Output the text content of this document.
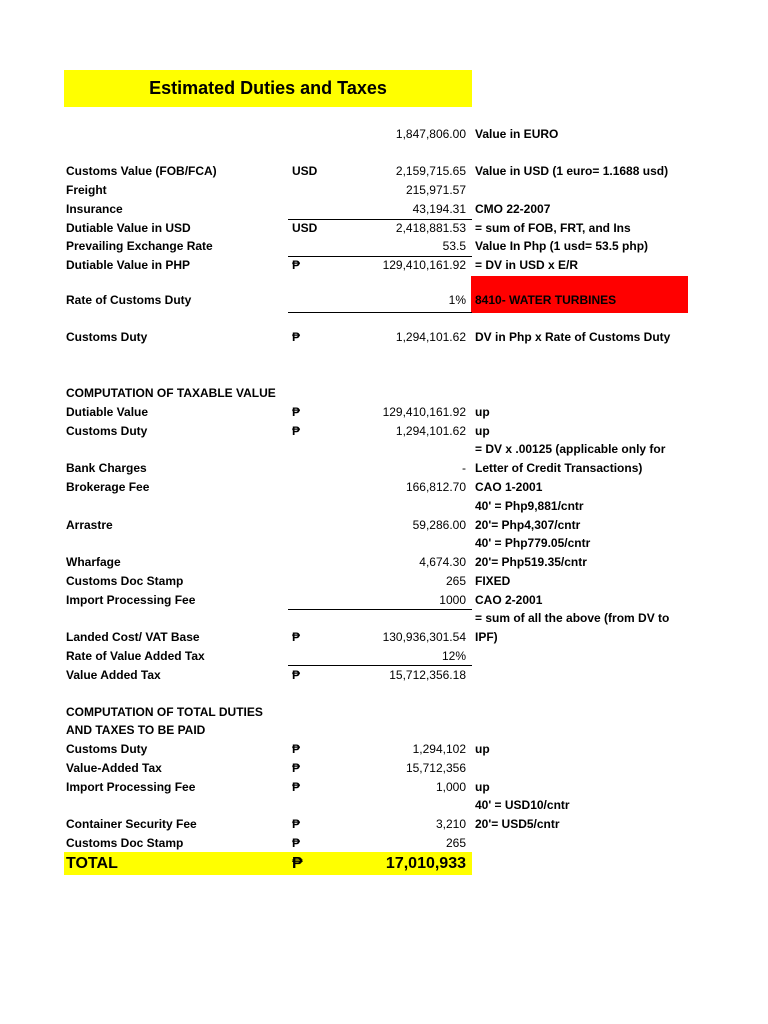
Estimated Duties and Taxes
1,847,806.00 Value in EURO
Customs Value (FOB/FCA)	USD	2,159,715.65 Value in USD (1 euro= 1.1688 usd)
Freight	215,971.57
Insurance	43,194.31 CMO 22-2007
Dutiable Value in USD	USD	2,418,881.53 = sum of FOB, FRT, and Ins
Prevailing Exchange Rate	53.5 Value In Php (1 usd= 53.5 php)
Dutiable Value in PHP	₱	129,410,161.92 = DV in USD x E/R
Rate of Customs Duty	1% 8410- WATER TURBINES
Customs Duty	₱	1,294,101.62 DV in Php x Rate of Customs Duty
COMPUTATION OF TAXABLE VALUE
Dutiable Value	₱	129,410,161.92 up
Customs Duty	₱	1,294,101.62 up
= DV x .00125 (applicable only for
Bank Charges	- Letter of Credit Transactions)
Brokerage Fee	166,812.70 CAO 1-2001
40' = Php9,881/cntr
Arrastre	59,286.00 20'= Php4,307/cntr
40' = Php779.05/cntr
Wharfage	4,674.30 20'= Php519.35/cntr
Customs Doc Stamp	265 FIXED
Import Processing Fee	1000 CAO 2-2001
= sum of all the above (from DV to
Landed Cost/ VAT Base	₱	130,936,301.54 IPF)
Rate of Value Added Tax	12%
Value Added Tax	₱	15,712,356.18
COMPUTATION OF TOTAL DUTIES
AND TAXES TO BE PAID
Customs Duty	₱	1,294,102 up
Value-Added Tax	₱	15,712,356
Import Processing Fee	₱	1,000 up
40' = USD10/cntr
Container Security Fee	₱	3,210 20'= USD5/cntr
Customs Doc Stamp	₱	265
TOTAL	₱	17,010,933
